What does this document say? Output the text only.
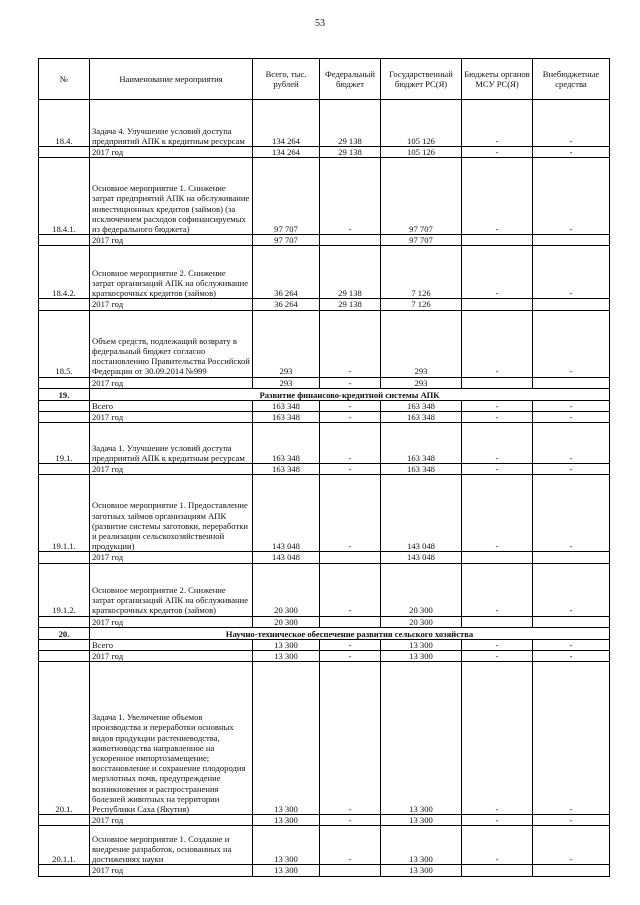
53
№	Наименование мероприятия	Всего, тыс. рублей	Федеральный бюджет	Государственный бюджет РС(Я)	Бюджеты органов МСУ РС(Я)	Внебюджетные средства
18.4.	Задача 4. Улучшение условий доступа предприятий АПК к кредитным ресурсам	134 264	29 138	105 126	-	-
	2017 год	134 264	29 138	105 126	-	-
18.4.1.	Основное мероприятие 1. Снижение затрат предприятий АПК на обслуживание инвестиционных кредитов (займов) (за исключением расходов софинансируемых из федерального бюджета)	97 707	-	97 707	-	-
	2017 год	97 707		97 707		
18.4.2.	Основное мероприятие 2. Снижение затрат организаций АПК на обслуживание краткосрочных кредитов (займов)	36 264	29 138	7 126	-	-
	2017 год	36 264	29 138	7 126		
18.5.	Объем средств, подлежащий возврату в федеральный бюджет согласно постановлению Правительства Российской Федерации от 30.09.2014 №999	293	-	293	-	-
	2017 год	293	-	293		
19.	Развитие финансово-кредитной системы АПК					
	Всего	163 348	-	163 348	-	-
	2017 год	163 348	-	163 348	-	-
19.1.	Задача 1. Улучшение условий доступа предприятий АПК к кредитным ресурсам	163 348	-	163 348	-	-
	2017 год	163 348	-	163 348	-	-
19.1.1.	Основное мероприятие 1. Предоставление заготных займов организациям АПК (развитие системы заготовки, переработки и реализации сельскохозяйственной продукции)	143 048	-	143 048	-	-
	2017 год	143 048		143 048		
19.1.2.	Основное мероприятие 2. Снижение затрат организаций АПК на обслуживание краткосрочных кредитов (займов)	20 300	-	20 300	-	-
	2017 год	20 300		20 300		
20.	Научно-техническое обеспечение развития сельского хозяйства					
	Всего	13 300	-	13 300	-	-
	2017 год	13 300	-	13 300	-	-
20.1.	Задача 1. Увеличение объемов производства и переработки основных видов продукции растениеводства, животноводства направленное на ускоренное импортозамещение; восстановление и сохранение плодородия мерзлотных почв, предупреждение возникновения и распространения болезней животных на территории Республики Саха (Якутия)	13 300	-	13 300	-	-
	2017 год	13 300	-	13 300	-	-
20.1.1.	Основное мероприятие 1. Создание и внедрение разработок, основанных на достижениях науки	13 300	-	13 300	-	-
	2017 год	13 300		13 300		
